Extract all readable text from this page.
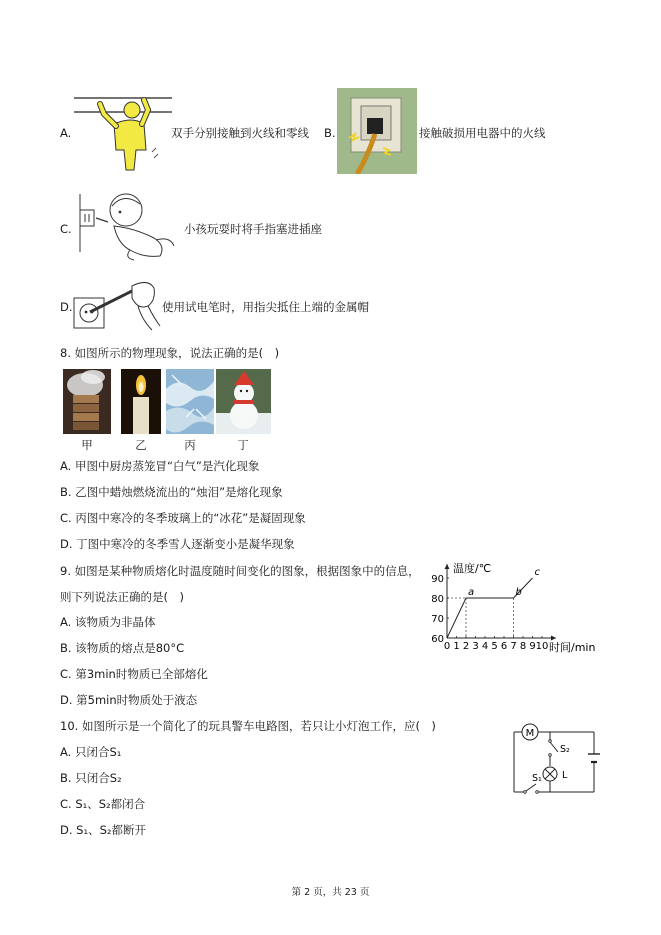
A.	双手分别接触到火线和零线 B.	接触破损用电器中的火线
C.	小孩玩耍时将手指塞进插座
D.	使用试电笔时，用指尖抵住上端的金属帽
8. 如图所示的物理现象，说法正确的是(　)
甲	乙	丙	丁
A. 甲图中厨房蒸笼冒“白气”是汽化现象
B. 乙图中蜡烛燃烧流出的“烛泪”是熔化现象
C. 丙图中寒冷的冬季玻璃上的“冰花”是凝固现象
D. 丁图中寒冷的冬季雪人逐渐变小是凝华现象
9. 如图是某种物质熔化时温度随时间变化的图象，根据图象中的信息，
则下列说法正确的是(　)
A. 该物质为非晶体
B. 该物质的熔点是80°C
C. 第3min时物质已全部熔化
D. 第5min时物质处于液态
0 1 2 3 4 5 6 7 8 9 10
60
70
80
90
a	b
c
温度/℃
时间/min
10. 如图所示是一个简化了的玩具警车电路图，若只让小灯泡工作，应(　)
A. 只闭合S₁
B. 只闭合S₂
C. S₁、S₂都闭合
D. S₁、S₂都断开
M
S₂
L
S₁
第 2 页，共 23 页
